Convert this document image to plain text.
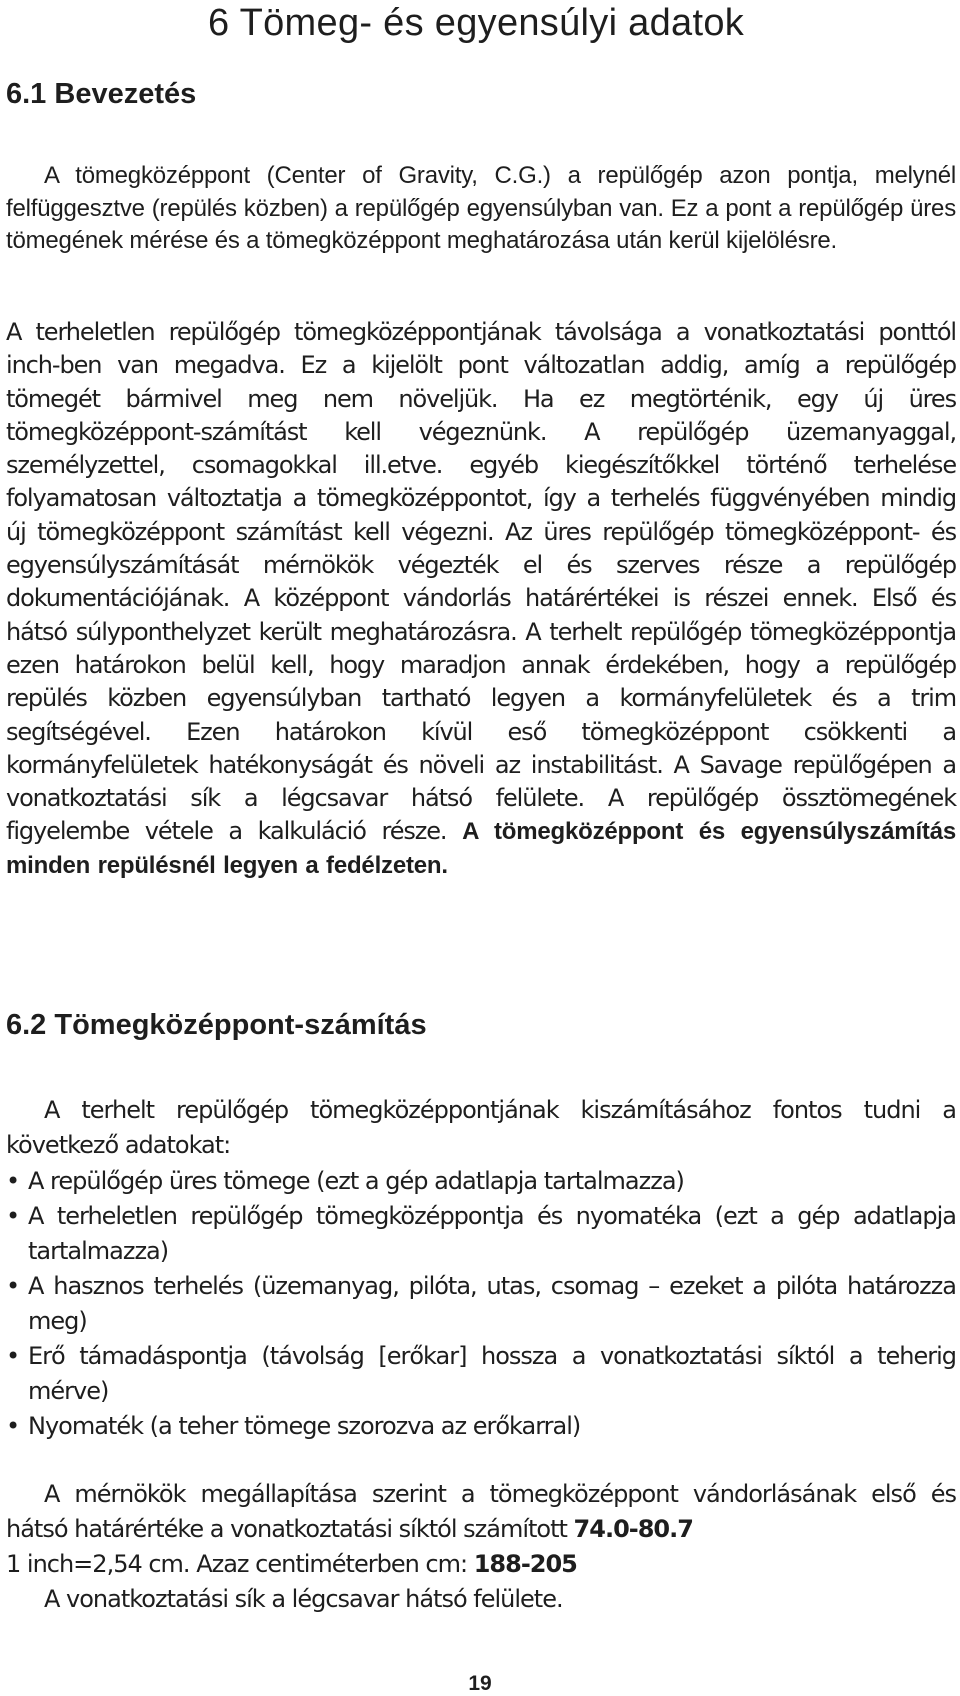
6 Tömeg- és egyensúlyi adatok
6.1 Bevezetés

A tömegközéppont (Center of Gravity, C.G.) a repülőgép azon pontja, melynél felfüggesztve (repülés közben) a repülőgép egyensúlyban van. Ez a pont a repülőgép üres tömegének mérése és a tömegközéppont meghatározása után kerül kijelölésre.

A terheletlen repülőgép tömegközéppontjának távolsága a vonatkoztatási ponttól inch-ben van megadva. Ez a kijelölt pont változatlan addig, amíg a repülőgép tömegét bármivel meg nem növeljük. Ha ez megtörténik, egy új üres tömegközéppont-számítást kell végeznünk. A repülőgép üzemanyaggal, személyzettel, csomagokkal ill.etve. egyéb kiegészítőkkel történő terhelése folyamatosan változtatja a tömegközéppontot, így a terhelés függvényében mindig új tömegközéppont számítást kell végezni. Az üres repülőgép tömegközéppont- és egyensúlyszámítását mérnökök végezték el és szerves része a repülőgép dokumentációjának. A középpont vándorlás határértékei is részei ennek. Első és hátsó súlyponthelyzet került meghatározásra. A terhelt repülőgép tömegközéppontja ezen határokon belül kell, hogy maradjon annak érdekében, hogy a repülőgép repülés közben egyensúlyban tartható legyen a kormányfelületek és a trim segítségével. Ezen határokon kívül eső tömegközéppont csökkenti a kormányfelületek hatékonyságát és növeli az instabilitást. A Savage repülőgépen a vonatkoztatási sík a légcsavar hátsó felülete. A repülőgép össztömegének figyelembe vétele a kalkuláció része. A tömegközéppont és egyensúlyszámítás minden repülésnél legyen a fedélzeten.

6.2 Tömegközéppont-számítás

A terhelt repülőgép tömegközéppontjának kiszámításához fontos tudni a következő adatokat:

• A repülőgép üres tömege (ezt a gép adatlapja tartalmazza)
• A terheletlen repülőgép tömegközéppontja és nyomatéka (ezt a gép adatlapja tartalmazza)
• A hasznos terhelés (üzemanyag, pilóta, utas, csomag – ezeket a pilóta határozza meg)
• Erő támadáspontja (távolság [erőkar] hossza a vonatkoztatási síktól a teherig mérve)
• Nyomaték (a teher tömege szorozva az erőkarral)

A mérnökök megállapítása szerint a tömegközéppont vándorlásának első és hátsó határértéke a vonatkoztatási síktól számított 74.0-80.7

1 inch=2,54 cm. Azaz centiméterben cm: 188-205

A vonatkoztatási sík a légcsavar hátsó felülete.

19
